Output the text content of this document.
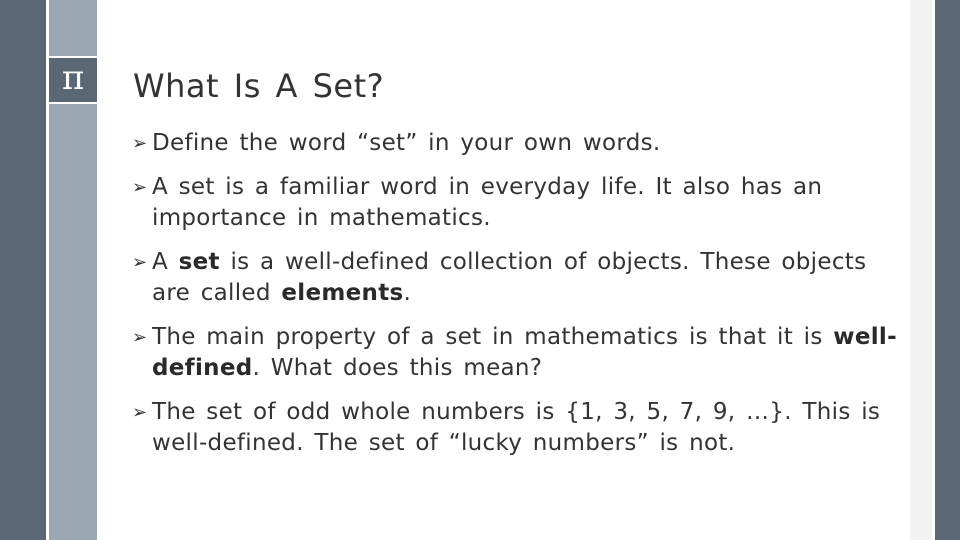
π What Is A Set?
➢ Define the word “set” in your own words.
➢ A set is a familiar word in everyday life. It also has an importance in mathematics.
➢ A set is a well-defined collection of objects. These objects are called elements.
➢ The main property of a set in mathematics is that it is well-defined. What does this mean?
➢ The set of odd whole numbers is {1, 3, 5, 7, 9, …}. This is well-defined. The set of “lucky numbers” is not.
